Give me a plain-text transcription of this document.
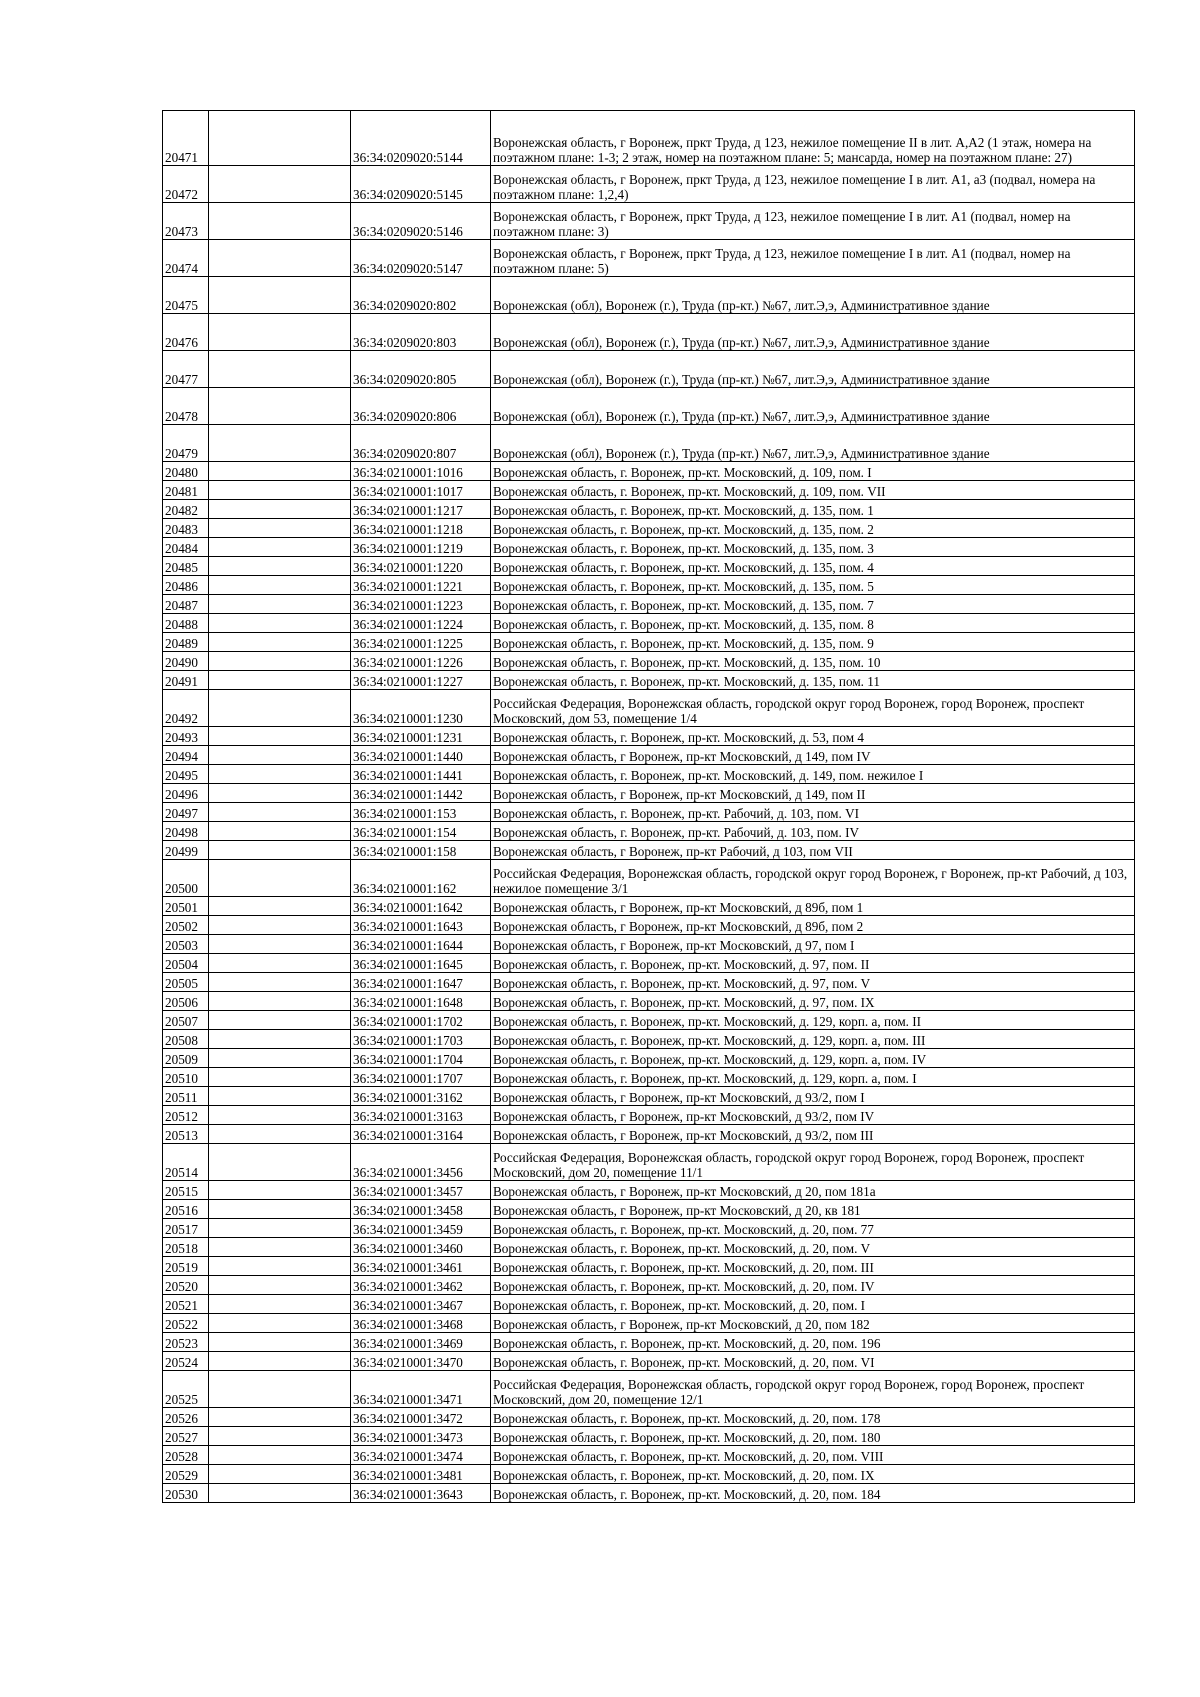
20471		36:34:0209020:5144	Воронежская область, г Воронеж, пркт Труда, д 123, нежилое помещение II в лит. А,А2 (1 этаж, номера на поэтажном плане: 1-3; 2 этаж, номер на поэтажном плане: 5; мансарда, номер на поэтажном плане: 27)
20472		36:34:0209020:5145	Воронежская область, г Воронеж, пркт Труда, д 123, нежилое помещение I в лит. А1, а3 (подвал, номера на поэтажном плане: 1,2,4)
20473		36:34:0209020:5146	Воронежская область, г Воронеж, пркт Труда, д 123, нежилое помещение I в лит. А1 (подвал, номер на поэтажном плане: 3)
20474		36:34:0209020:5147	Воронежская область, г Воронеж, пркт Труда, д 123, нежилое помещение I в лит. А1 (подвал, номер на поэтажном плане: 5)
20475		36:34:0209020:802	Воронежская (обл), Воронеж (г.), Труда (пр-кт.) №67, лит.Э,э, Административное здание
20476		36:34:0209020:803	Воронежская (обл), Воронеж (г.), Труда (пр-кт.) №67, лит.Э,э, Административное здание
20477		36:34:0209020:805	Воронежская (обл), Воронеж (г.), Труда (пр-кт.) №67, лит.Э,э, Административное здание
20478		36:34:0209020:806	Воронежская (обл), Воронеж (г.), Труда (пр-кт.) №67, лит.Э,э, Административное здание
20479		36:34:0209020:807	Воронежская (обл), Воронеж (г.), Труда (пр-кт.) №67, лит.Э,э, Административное здание
20480		36:34:0210001:1016	Воронежская область, г. Воронеж, пр-кт. Московский, д. 109, пом. I
20481		36:34:0210001:1017	Воронежская область, г. Воронеж, пр-кт. Московский, д. 109, пом. VII
20482		36:34:0210001:1217	Воронежская область, г. Воронеж, пр-кт. Московский, д. 135, пом. 1
20483		36:34:0210001:1218	Воронежская область, г. Воронеж, пр-кт. Московский, д. 135, пом. 2
20484		36:34:0210001:1219	Воронежская область, г. Воронеж, пр-кт. Московский, д. 135, пом. 3
20485		36:34:0210001:1220	Воронежская область, г. Воронеж, пр-кт. Московский, д. 135, пом. 4
20486		36:34:0210001:1221	Воронежская область, г. Воронеж, пр-кт. Московский, д. 135, пом. 5
20487		36:34:0210001:1223	Воронежская область, г. Воронеж, пр-кт. Московский, д. 135, пом. 7
20488		36:34:0210001:1224	Воронежская область, г. Воронеж, пр-кт. Московский, д. 135, пом. 8
20489		36:34:0210001:1225	Воронежская область, г. Воронеж, пр-кт. Московский, д. 135, пом. 9
20490		36:34:0210001:1226	Воронежская область, г. Воронеж, пр-кт. Московский, д. 135, пом. 10
20491		36:34:0210001:1227	Воронежская область, г. Воронеж, пр-кт. Московский, д. 135, пом. 11
20492		36:34:0210001:1230	Российская Федерация, Воронежская область, городской округ город Воронеж, город Воронеж, проспект Московский, дом 53, помещение 1/4
20493		36:34:0210001:1231	Воронежская область, г. Воронеж, пр-кт. Московский, д. 53, пом 4
20494		36:34:0210001:1440	Воронежская область, г Воронеж, пр-кт Московский, д 149, пом IV
20495		36:34:0210001:1441	Воронежская область, г. Воронеж, пр-кт. Московский, д. 149, пом. нежилое I
20496		36:34:0210001:1442	Воронежская область, г Воронеж, пр-кт Московский, д 149, пом II
20497		36:34:0210001:153	Воронежская область, г. Воронеж, пр-кт. Рабочий, д. 103, пом. VI
20498		36:34:0210001:154	Воронежская область, г. Воронеж, пр-кт. Рабочий, д. 103, пом. IV
20499		36:34:0210001:158	Воронежская область, г Воронеж, пр-кт Рабочий, д 103, пом VII
20500		36:34:0210001:162	Российская Федерация, Воронежская область, городской округ город Воронеж, г Воронеж, пр-кт Рабочий, д 103, нежилое помещение 3/1
20501		36:34:0210001:1642	Воронежская область, г Воронеж, пр-кт Московский, д 89б, пом 1
20502		36:34:0210001:1643	Воронежская область, г Воронеж, пр-кт Московский, д 89б, пом 2
20503		36:34:0210001:1644	Воронежская область, г Воронеж, пр-кт Московский, д 97, пом I
20504		36:34:0210001:1645	Воронежская область, г. Воронеж, пр-кт. Московский, д. 97, пом. II
20505		36:34:0210001:1647	Воронежская область, г. Воронеж, пр-кт. Московский, д. 97, пом. V
20506		36:34:0210001:1648	Воронежская область, г. Воронеж, пр-кт. Московский, д. 97, пом. IX
20507		36:34:0210001:1702	Воронежская область, г. Воронеж, пр-кт. Московский, д. 129, корп. а, пом. II
20508		36:34:0210001:1703	Воронежская область, г. Воронеж, пр-кт. Московский, д. 129, корп. а, пом. III
20509		36:34:0210001:1704	Воронежская область, г. Воронеж, пр-кт. Московский, д. 129, корп. а, пом. IV
20510		36:34:0210001:1707	Воронежская область, г. Воронеж, пр-кт. Московский, д. 129, корп. а, пом. I
20511		36:34:0210001:3162	Воронежская область, г Воронеж, пр-кт Московский, д 93/2, пом I
20512		36:34:0210001:3163	Воронежская область, г Воронеж, пр-кт Московский, д 93/2, пом IV
20513		36:34:0210001:3164	Воронежская область, г Воронеж, пр-кт Московский, д 93/2, пом III
20514		36:34:0210001:3456	Российская Федерация, Воронежская область, городской округ город Воронеж, город Воронеж, проспект Московский, дом 20, помещение 11/1
20515		36:34:0210001:3457	Воронежская область, г Воронеж, пр-кт Московский, д 20, пом 181а
20516		36:34:0210001:3458	Воронежская область, г Воронеж, пр-кт Московский, д 20, кв 181
20517		36:34:0210001:3459	Воронежская область, г. Воронеж, пр-кт. Московский, д. 20, пом. 77
20518		36:34:0210001:3460	Воронежская область, г. Воронеж, пр-кт. Московский, д. 20, пом. V
20519		36:34:0210001:3461	Воронежская область, г. Воронеж, пр-кт. Московский, д. 20, пом. III
20520		36:34:0210001:3462	Воронежская область, г. Воронеж, пр-кт. Московский, д. 20, пом. IV
20521		36:34:0210001:3467	Воронежская область, г. Воронеж, пр-кт. Московский, д. 20, пом. I
20522		36:34:0210001:3468	Воронежская область, г Воронеж, пр-кт Московский, д 20, пом 182
20523		36:34:0210001:3469	Воронежская область, г. Воронеж, пр-кт. Московский, д. 20, пом. 196
20524		36:34:0210001:3470	Воронежская область, г. Воронеж, пр-кт. Московский, д. 20, пом. VI
20525		36:34:0210001:3471	Российская Федерация, Воронежская область, городской округ город Воронеж, город Воронеж, проспект Московский, дом 20, помещение 12/1
20526		36:34:0210001:3472	Воронежская область, г. Воронеж, пр-кт. Московский, д. 20, пом. 178
20527		36:34:0210001:3473	Воронежская область, г. Воронеж, пр-кт. Московский, д. 20, пом. 180
20528		36:34:0210001:3474	Воронежская область, г. Воронеж, пр-кт. Московский, д. 20, пом. VIII
20529		36:34:0210001:3481	Воронежская область, г. Воронеж, пр-кт. Московский, д. 20, пом. IX
20530		36:34:0210001:3643	Воронежская область, г. Воронеж, пр-кт. Московский, д. 20, пом. 184
